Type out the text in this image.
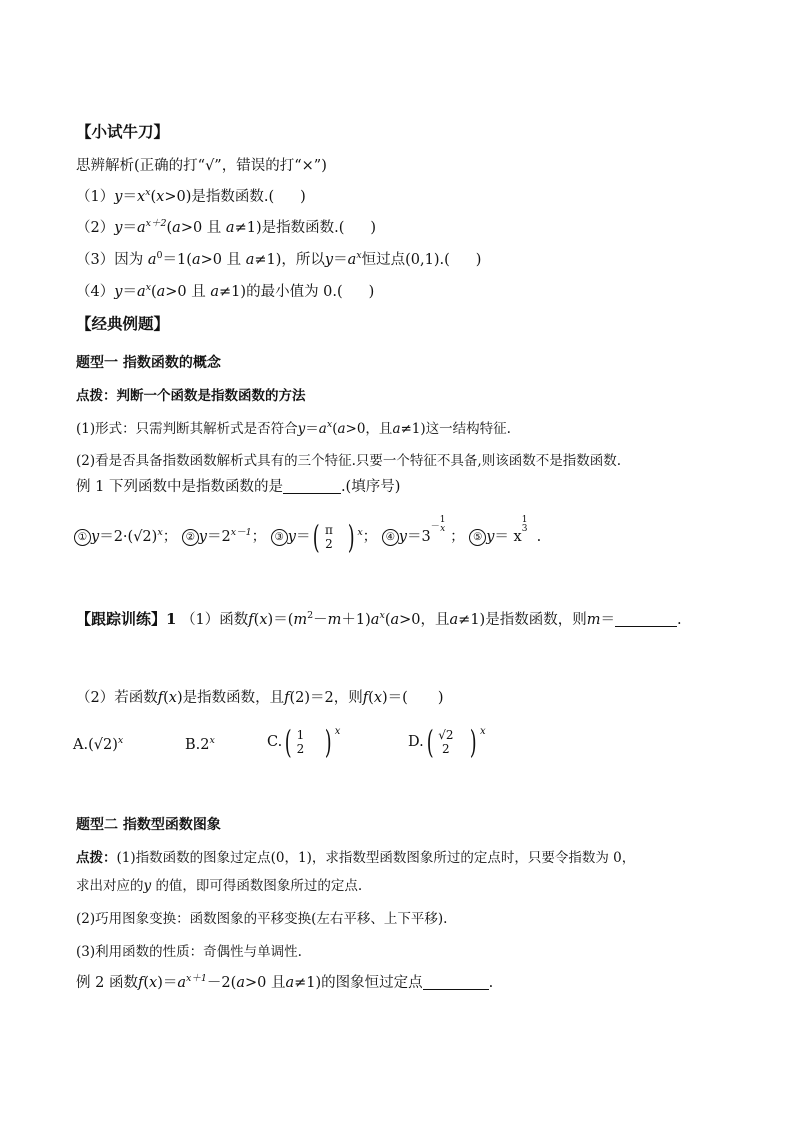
【小试牛刀】
思辨解析(正确的打“√”，错误的打“×”)
$(1)y=x^x(x>0)$是指数函数.( )
$(2)y=a^{x+2}(a>0$ 且 a≠1)是指数函数.( )
（3）因为 $a^0=1(a>0$ 且 a≠1)，所以$y=a^x$恒过点(0,1).( )
$(4)y=a^x(a>0$ 且 a≠1)的最小值为 0.( )
【经典例题】
题型一 指数函数的概念
点拨：判断一个函数是指数函数的方法
(1)形式：只需判断其解析式是否符合$y=a^x(a>0$，且a≠1)这一结构特征.
(2)看是否具备指数函数解析式具有的三个特征.只要一个特征不具备,则该函数不是指数函数.
例 1 下列函数中是指数函数的是	.(填序号)
① $y=2\cdot(√2)^x$； ② $y=2^{x-1}$； ③ y＝( π
2 ) $^x$； ④ y＝3－
1
x ； ⑤ y＝ x
1
3 .
【跟踪训练】1 （1）函数$f(x)=(m^2-m+1)a^x(a>0$，且a≠1)是指数函数，则m＝	.
（2）若函数f(x)是指数函数，且f(2)＝2，则f(x)＝( )
$A.(√2)^x$	B.2$^x$	C.( 1
2 ) $^x$
D.( √2
2 ) $^x$
题型二 指数型函数图象
点拨：(1)指数函数的图象过定点(0，1)，求指数型函数图象所过的定点时，只要令指数为 0，
求出对应的y 的值，即可得函数图象所过的定点.
(2)巧用图象变换：函数图象的平移变换(左右平移、上下平移).
(3)利用函数的性质：奇偶性与单调性.
例 2 函数$f(x)=a^{x+1}-2(a>0$ 且a≠1)的图象恒过定点	.
